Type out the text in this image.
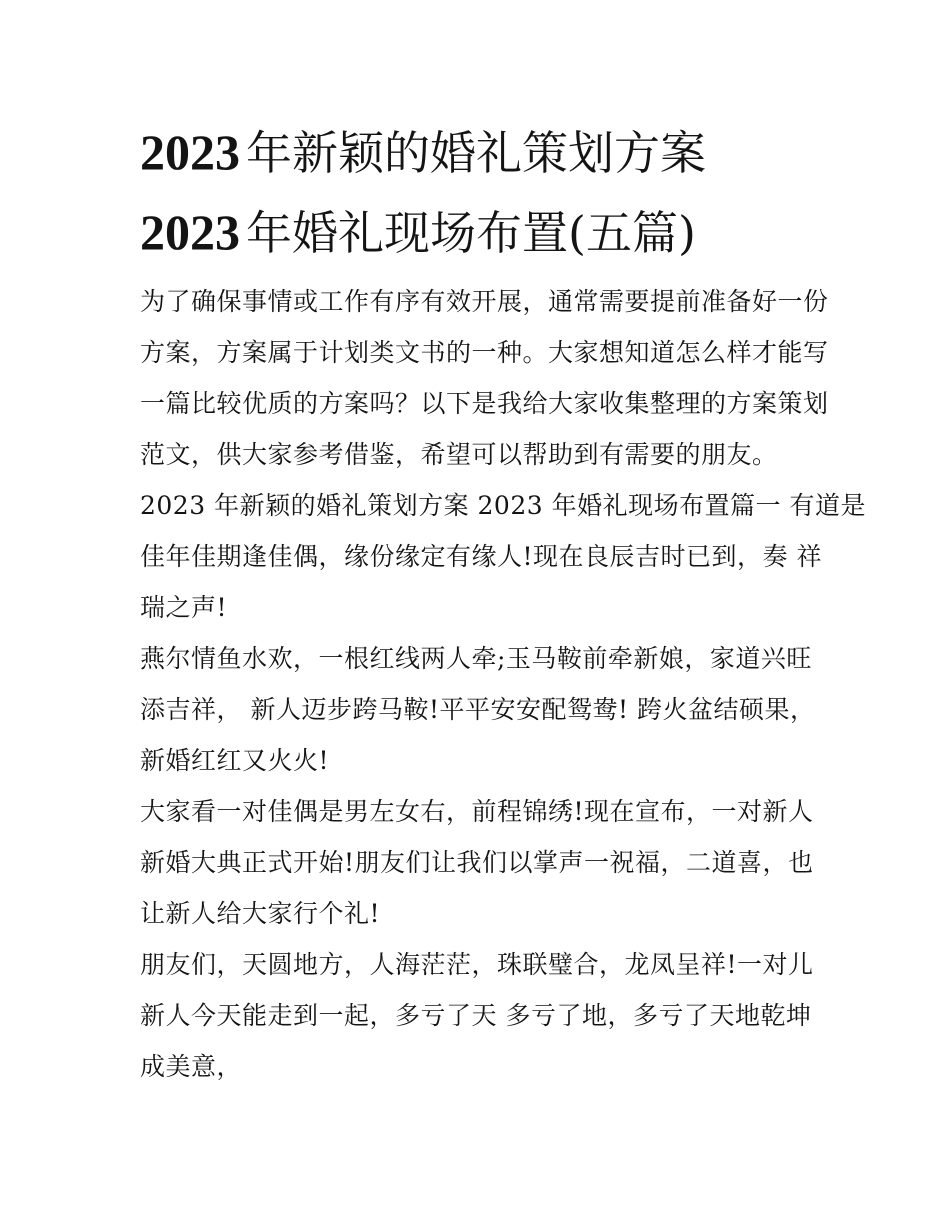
2023 年新颖的婚礼策划方案
2023 年婚礼现场布置(五篇)
为了确保事情或工作有序有效开展，通常需要提前准备好一份
方案，方案属于计划类文书的一种。大家想知道怎么样才能写
一篇比较优质的方案吗？以下是我给大家收集整理的方案策划
范文，供大家参考借鉴，希望可以帮助到有需要的朋友。
2023 年新颖的婚礼策划方案 2023 年婚礼现场布置篇一 有道是
佳年佳期逢佳偶，缘份缘定有缘人!现在良辰吉时已到，奏 祥
瑞之声!
燕尔情鱼水欢，一根红线两人牵;玉马鞍前牵新娘，家道兴旺
添吉祥， 新人迈步跨马鞍!平平安安配鸳鸯! 跨火盆结硕果，
新婚红红又火火!
大家看一对佳偶是男左女右，前程锦绣!现在宣布，一对新人
新婚大典正式开始!朋友们让我们以掌声一祝福，二道喜，也
让新人给大家行个礼!
朋友们，天圆地方，人海茫茫，珠联璧合，龙凤呈祥!一对儿
新人今天能走到一起，多亏了天 多亏了地，多亏了天地乾坤
成美意，
